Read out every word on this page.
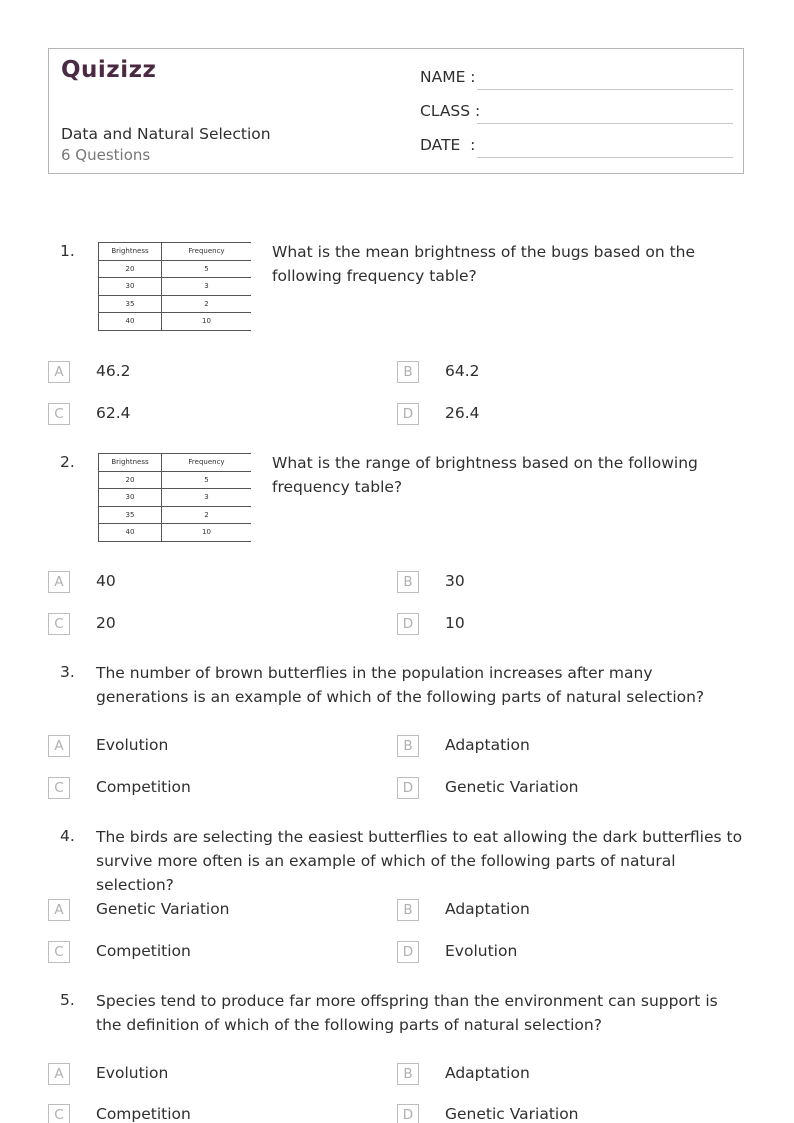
Quizizz
Data and Natural Selection
6 Questions
NAME :
CLASS :
DATE  :
1.	Brightness	Frequency
20	5
30	3
35	2
40	10
What is the mean brightness of the bugs based on the following frequency table?
A	46.2	B	64.2
C	62.4	D	26.4
2.	Brightness	Frequency
20	5
30	3
35	2
40	10
What is the range of brightness based on the following frequency table?
A	40	B	30
C	20	D	10
3. The number of brown butterflies in the population increases after many generations is an example of which of the following parts of natural selection?
A	Evolution	B	Adaptation
C	Competition	D	Genetic Variation
4. The birds are selecting the easiest butterflies to eat allowing the dark butterflies to survive more often is an example of which of the following parts of natural selection?
A	Genetic Variation	B	Adaptation
C	Competition	D	Evolution
5. Species tend to produce far more offspring than the environment can support is the definition of which of the following parts of natural selection?
A	Evolution	B	Adaptation
C	Competition	D	Genetic Variation
